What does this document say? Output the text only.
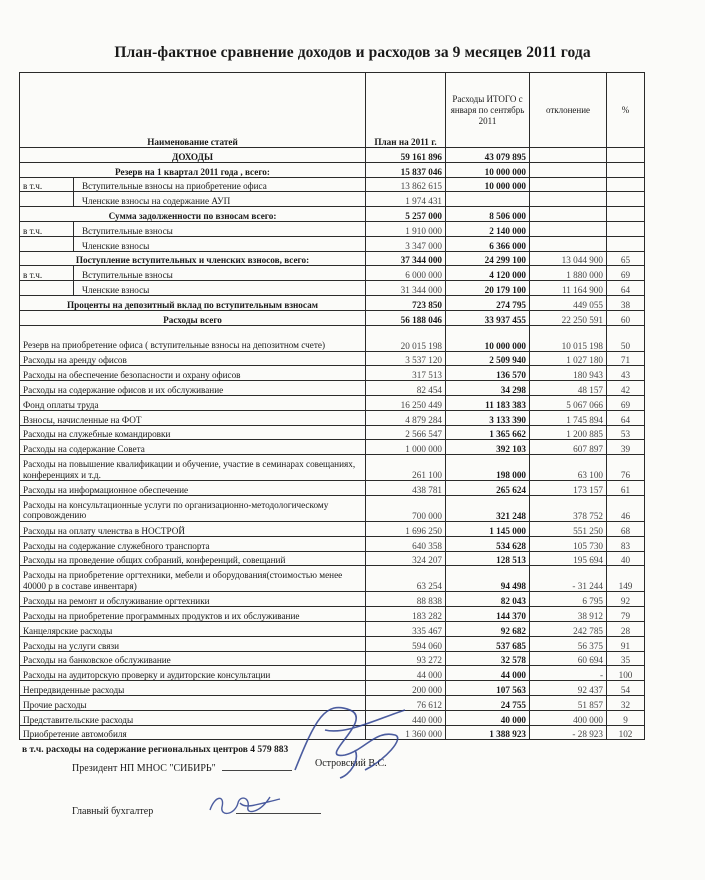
План-фактное сравнение доходов и расходов за 9 месяцев 2011 года
Наименование статей		План на 2011 г.	Расходы ИТОГО с января по сентябрь 2011	отклонение	%
ДОХОДЫ		59 161 896	43 079 895		
Резерв на 1 квартал 2011 года , всего:		15 837 046	10 000 000		
в т.ч.	Вступительные взносы на приобретение офиса	13 862 615	10 000 000		
	Членские взносы на содержание АУП	1 974 431			
Сумма задолженности по взносам всего:		5 257 000	8 506 000		
в т.ч.	Вступительные взносы	1 910 000	2 140 000		
	Членские взносы	3 347 000	6 366 000		
Поступление вступительных и членских взносов, всего:		37 344 000	24 299 100	13 044 900	65
в т.ч.	Вступительные взносы	6 000 000	4 120 000	1 880 000	69
	Членские взносы	31 344 000	20 179 100	11 164 900	64
Проценты на депозитный вклад по вступительным взносам		723 850	274 795	449 055	38
Расходы всего		56 188 046	33 937 455	22 250 591	60
Резерв на приобретение офиса ( вступительные взносы на депозитном счете)		20 015 198	10 000 000	10 015 198	50
Расходы на аренду офисов		3 537 120	2 509 940	1 027 180	71
Расходы на обеспечение безопасности и охрану офисов		317 513	136 570	180 943	43
Расходы на содержание офисов и их обслуживание		82 454	34 298	48 157	42
Фонд оплаты труда		16 250 449	11 183 383	5 067 066	69
Взносы, начисленные на ФОТ		4 879 284	3 133 390	1 745 894	64
Расходы на служебные командировки		2 566 547	1 365 662	1 200 885	53
Расходы на содержание Совета		1 000 000	392 103	607 897	39
Расходы на повышение квалификации и обучение, участие в семинарах совещаниях, конференциях и т.д.		261 100	198 000	63 100	76
Расходы на информационное обеспечение		438 781	265 624	173 157	61
Расходы на консультационные услуги по организационно-методологическому сопровождению		700 000	321 248	378 752	46
Расходы на оплату членства в НОСТРОЙ		1 696 250	1 145 000	551 250	68
Расходы на содержание служебного транспорта		640 358	534 628	105 730	83
Расходы на проведение общих собраний, конференций, совещаний		324 207	128 513	195 694	40
Расходы на приобретение оргтехники, мебели и оборудования(стоимостью менее 40000 р в составе инвентаря)		63 254	94 498	- 31 244	149
Расходы на ремонт и обслуживание оргтехники		88 838	82 043	6 795	92
Расходы на приобретение программных продуктов и их обслуживание		183 282	144 370	38 912	79
Канцелярские расходы		335 467	92 682	242 785	28
Расходы на услуги связи		594 060	537 685	56 375	91
Расходы на банковское обслуживание		93 272	32 578	60 694	35
Расходы на аудиторскую проверку и аудиторские консультации		44 000	44 000	-	100
Непредвиденные расходы		200 000	107 563	92 437	54
Прочие расходы		76 612	24 755	51 857	32
Представительские расходы		440 000	40 000	400 000	9
Приобретение автомобиля		1 360 000	1 388 923	- 28 923	102
в т.ч. расходы на содержание региональных центров 4 579 883
Президент НП МНОС "СИБИРЬ"	Островский В.С.
Главный бухгалтер
